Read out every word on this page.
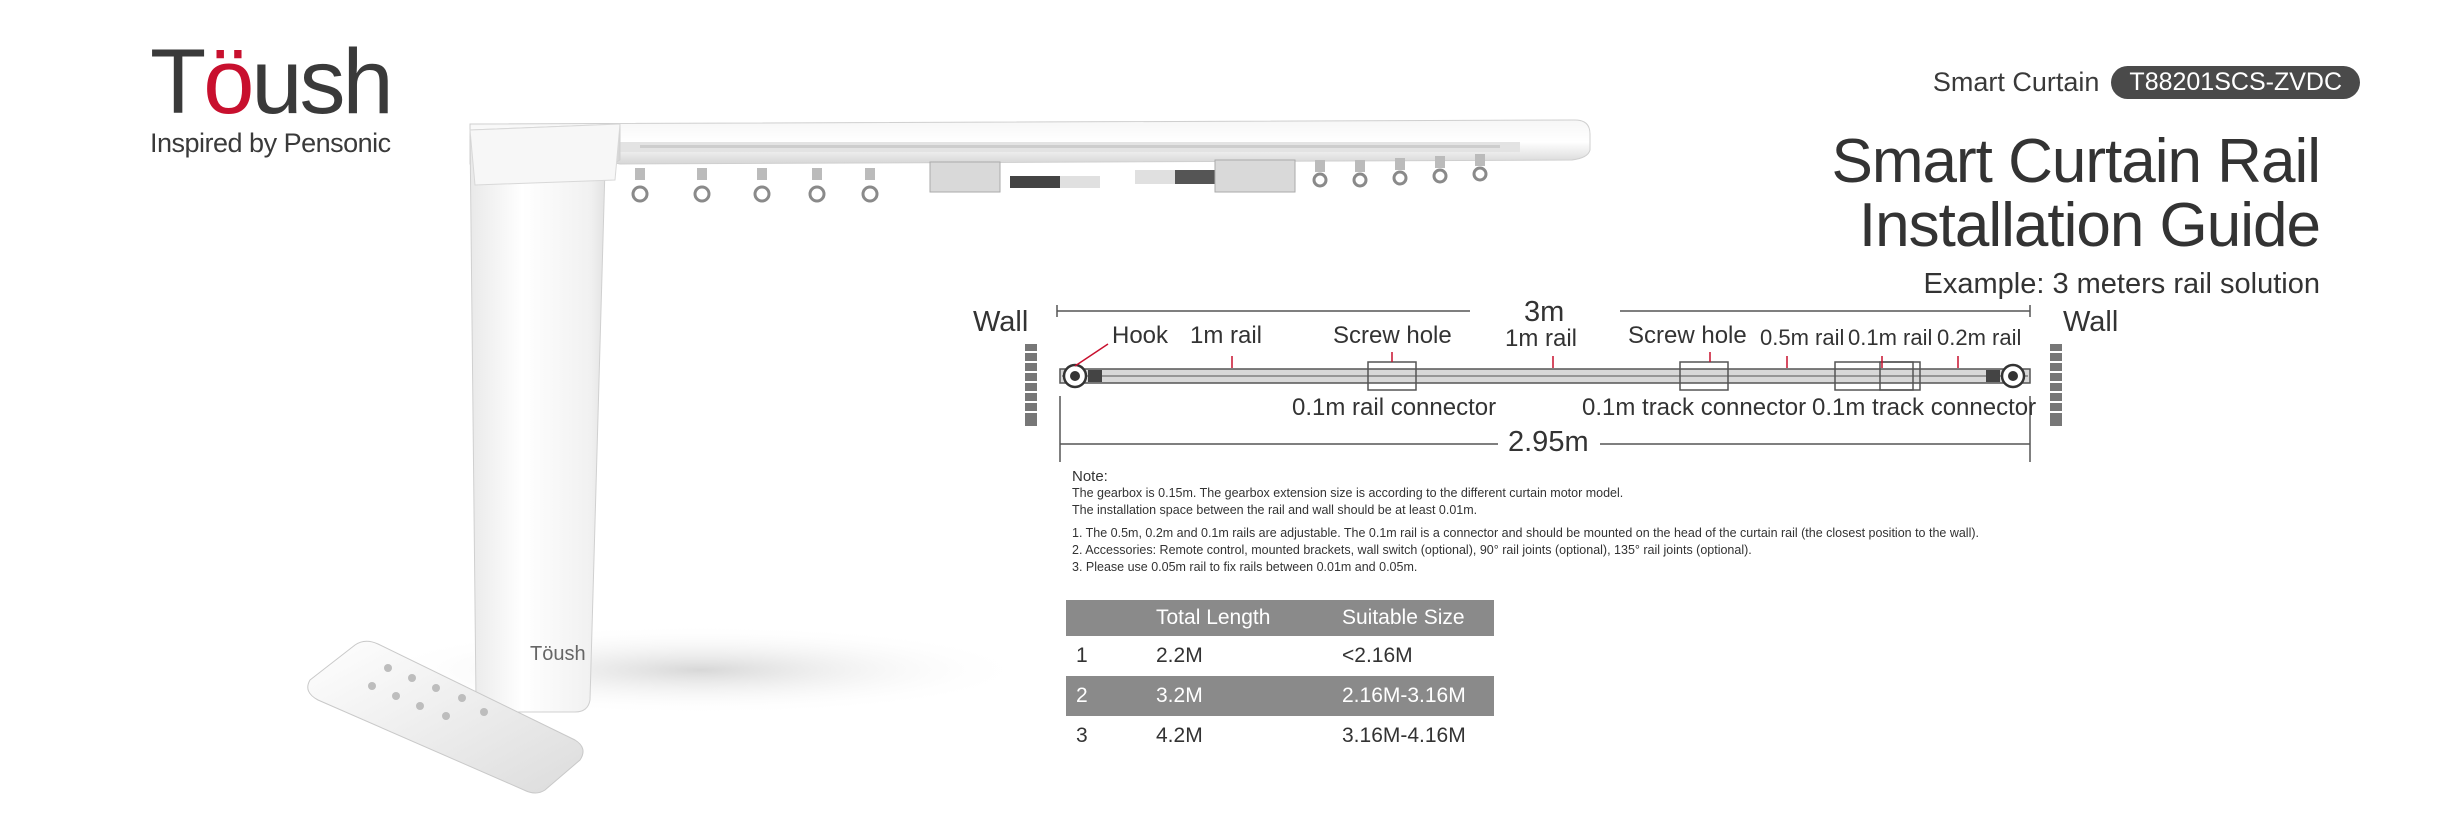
Töush
Inspired by Pensonic
Smart Curtain	T88201SCS-ZVDC
Smart Curtain Rail
Installation Guide
Example: 3 meters rail solution
Töush
Wall	Wall
3m
Hook 1m rail	Screw hole 1m rail Screw hole 0.5m rail 0.1m rail 0.2m rail
0.1m rail connector	0.1m track connector 0.1m track connector
2.95m
Note:
The gearbox is 0.15m. The gearbox extension size is according to the different curtain motor model.
The installation space between the rail and wall should be at least 0.01m.
1. The 0.5m, 0.2m and 0.1m rails are adjustable. The 0.1m rail is a connector and should be mounted on the head of the curtain rail (the closest position to the wall).
2. Accessories: Remote control, mounted brackets, wall switch (optional), 90° rail joints (optional), 135° rail joints (optional).
3. Please use 0.05m rail to fix rails between 0.01m and 0.05m.
	Total Length	Suitable Size
1	2.2M	<2.16M
2	3.2M	2.16M-3.16M
3	4.2M	3.16M-4.16M
